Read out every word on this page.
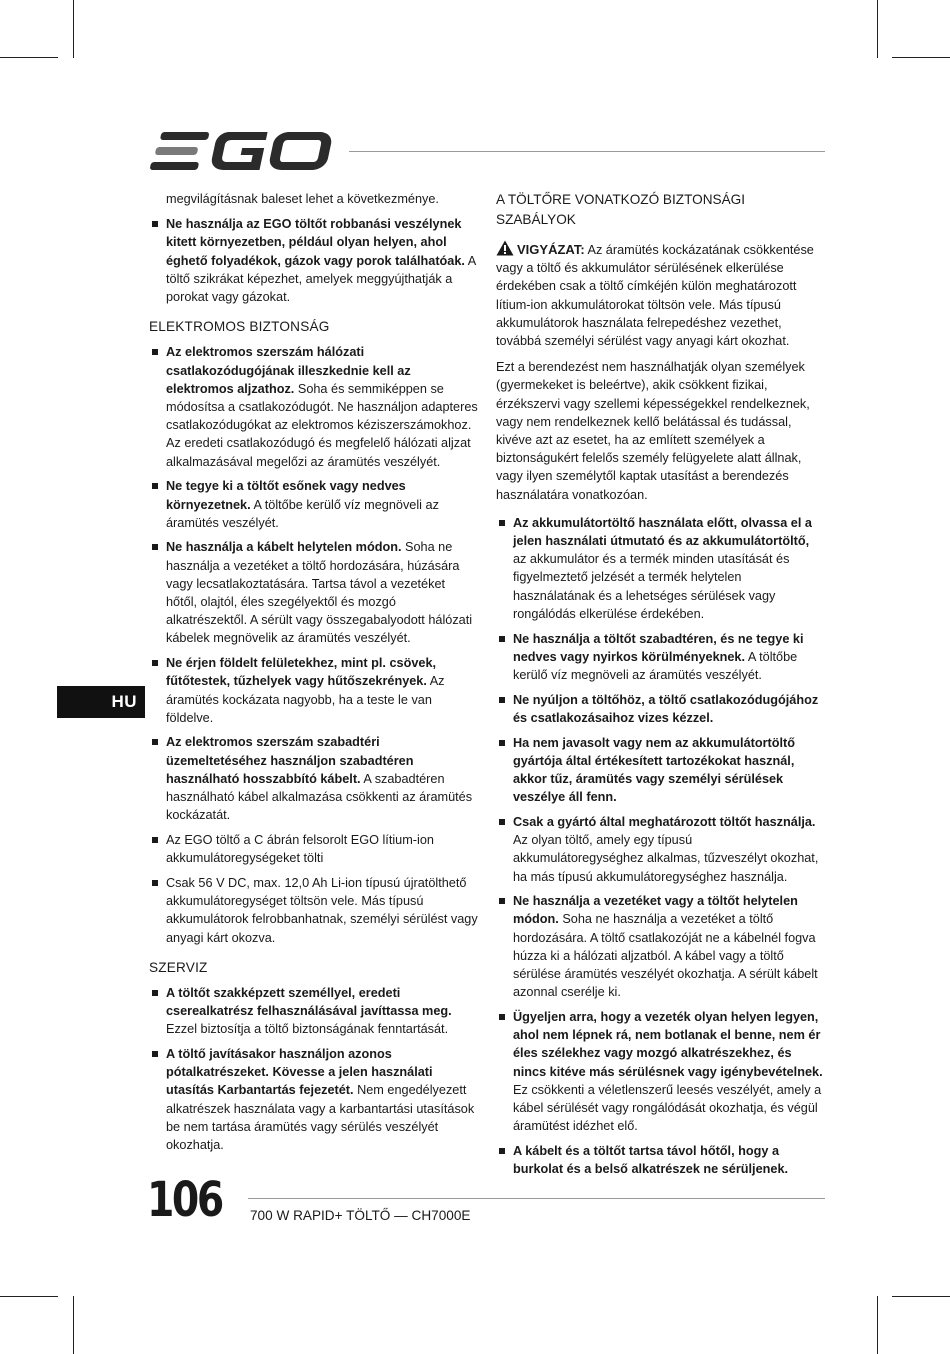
megvilágításnak baleset lehet a következménye.

Ne használja az EGO töltőt robbanási veszélynek kitett környezetben, például olyan helyen, ahol éghető folyadékok, gázok vagy porok találhatóak. A töltő szikrákat képezhet, amelyek meggyújthatják a porokat vagy gázokat.
ELEKTROMOS BIZTONSÁG
Az elektromos szerszám hálózati csatlakozódugójának illeszkednie kell az elektromos aljzathoz. Soha és semmiképpen se módosítsa a csatlakozódugót. Ne használjon adapteres csatlakozódugókat az elektromos kéziszerszámokhoz. Az eredeti csatlakozódugó és megfelelő hálózati aljzat alkalmazásával megelőzi az áramütés veszélyét.
Ne tegye ki a töltőt esőnek vagy nedves környezetnek. A töltőbe kerülő víz megnöveli az áramütés veszélyét.
Ne használja a kábelt helytelen módon. Soha ne használja a vezetéket a töltő hordozására, húzására vagy lecsatlakoztatására. Tartsa távol a vezetéket hőtől, olajtól, éles szegélyektől és mozgó alkatrészektől. A sérült vagy összegabalyodott hálózati kábelek megnövelik az áramütés veszélyét.
Ne érjen földelt felületekhez, mint pl. csövek, fűtőtestek, tűzhelyek vagy hűtőszekrények. Az áramütés kockázata nagyobb, ha a teste le van földelve.
Az elektromos szerszám szabadtéri üzemeltetéséhez használjon szabadtéren használható hosszabbító kábelt. A szabadtéren használható kábel alkalmazása csökkenti az áramütés kockázatát.
Az EGO töltő a C ábrán felsorolt EGO lítium-ion akkumulátoregységeket tölti
Csak 56 V DC, max. 12,0 Ah Li-ion típusú újratölthető akkumulátoregységet töltsön vele. Más típusú akkumulátorok felrobbanhatnak, személyi sérülést vagy anyagi kárt okozva.
SZERVIZ
A töltőt szakképzett személlyel, eredeti cserealkatrész felhasználásával javíttassa meg. Ezzel biztosítja a töltő biztonságának fenntartását.
A töltő javításakor használjon azonos pótalkatrészeket. Kövesse a jelen használati utasítás Karbantartás fejezetét. Nem engedélyezett alkatrészek használata vagy a karbantartási utasítások be nem tartása áramütés vagy sérülés veszélyét okozhatja.
A TÖLTŐRE VONATKOZÓ BIZTONSÁGI SZABÁLYOK

VIGYÁZAT: Az áramütés kockázatának csökkentése vagy a töltő és akkumulátor sérülésének elkerülése érdekében csak a töltő címkéjén külön meghatározott lítium-ion akkumulátorokat töltsön vele. Más típusú akkumulátorok használata felrepedéshez vezethet, továbbá személyi sérülést vagy anyagi kárt okozhat.

Ezt a berendezést nem használhatják olyan személyek (gyermekeket is beleértve), akik csökkent fizikai, érzékszervi vagy szellemi képességekkel rendelkeznek, vagy nem rendelkeznek kellő belátással és tudással, kivéve azt az esetet, ha az említett személyek a biztonságukért felelős személy felügyelete alatt állnak, vagy ilyen személytől kaptak utasítást a berendezés használatára vonatkozóan.

Az akkumulátortöltő használata előtt, olvassa el a jelen használati útmutató és az akkumulátortöltő, az akkumulátor és a termék minden utasítását és figyelmeztető jelzését a termék helytelen használatának és a lehetséges sérülések vagy rongálódás elkerülése érdekében.
Ne használja a töltőt szabadtéren, és ne tegye ki nedves vagy nyirkos körülményeknek. A töltőbe kerülő víz megnöveli az áramütés veszélyét.
Ne nyúljon a töltőhöz, a töltő csatlakozódugójához és csatlakozásaihoz vizes kézzel.
Ha nem javasolt vagy nem az akkumulátortöltő gyártója által értékesített tartozékokat használ, akkor tűz, áramütés vagy személyi sérülések veszélye áll fenn.
Csak a gyártó által meghatározott töltőt használja. Az olyan töltő, amely egy típusú akkumulátoregységhez alkalmas, tűzveszélyt okozhat, ha más típusú akkumulátoregységhez használja.
Ne használja a vezetéket vagy a töltőt helytelen módon. Soha ne használja a vezetéket a töltő hordozására. A töltő csatlakozóját ne a kábelnél fogva húzza ki a hálózati aljzatból. A kábel vagy a töltő sérülése áramütés veszélyét okozhatja. A sérült kábelt azonnal cserélje ki.
Ügyeljen arra, hogy a vezeték olyan helyen legyen, ahol nem lépnek rá, nem botlanak el benne, nem ér éles szélekhez vagy mozgó alkatrészekhez, és nincs kitéve más sérülésnek vagy igénybevételnek. Ez csökkenti a véletlenszerű leesés veszélyét, amely a kábel sérülését vagy rongálódását okozhatja, és végül áramütést idézhet elő.
A kábelt és a töltőt tartsa távol hőtől, hogy a burkolat és a belső alkatrészek ne sérüljenek.
HU
106 700 W RAPID+ TÖLTŐ — CH7000E
